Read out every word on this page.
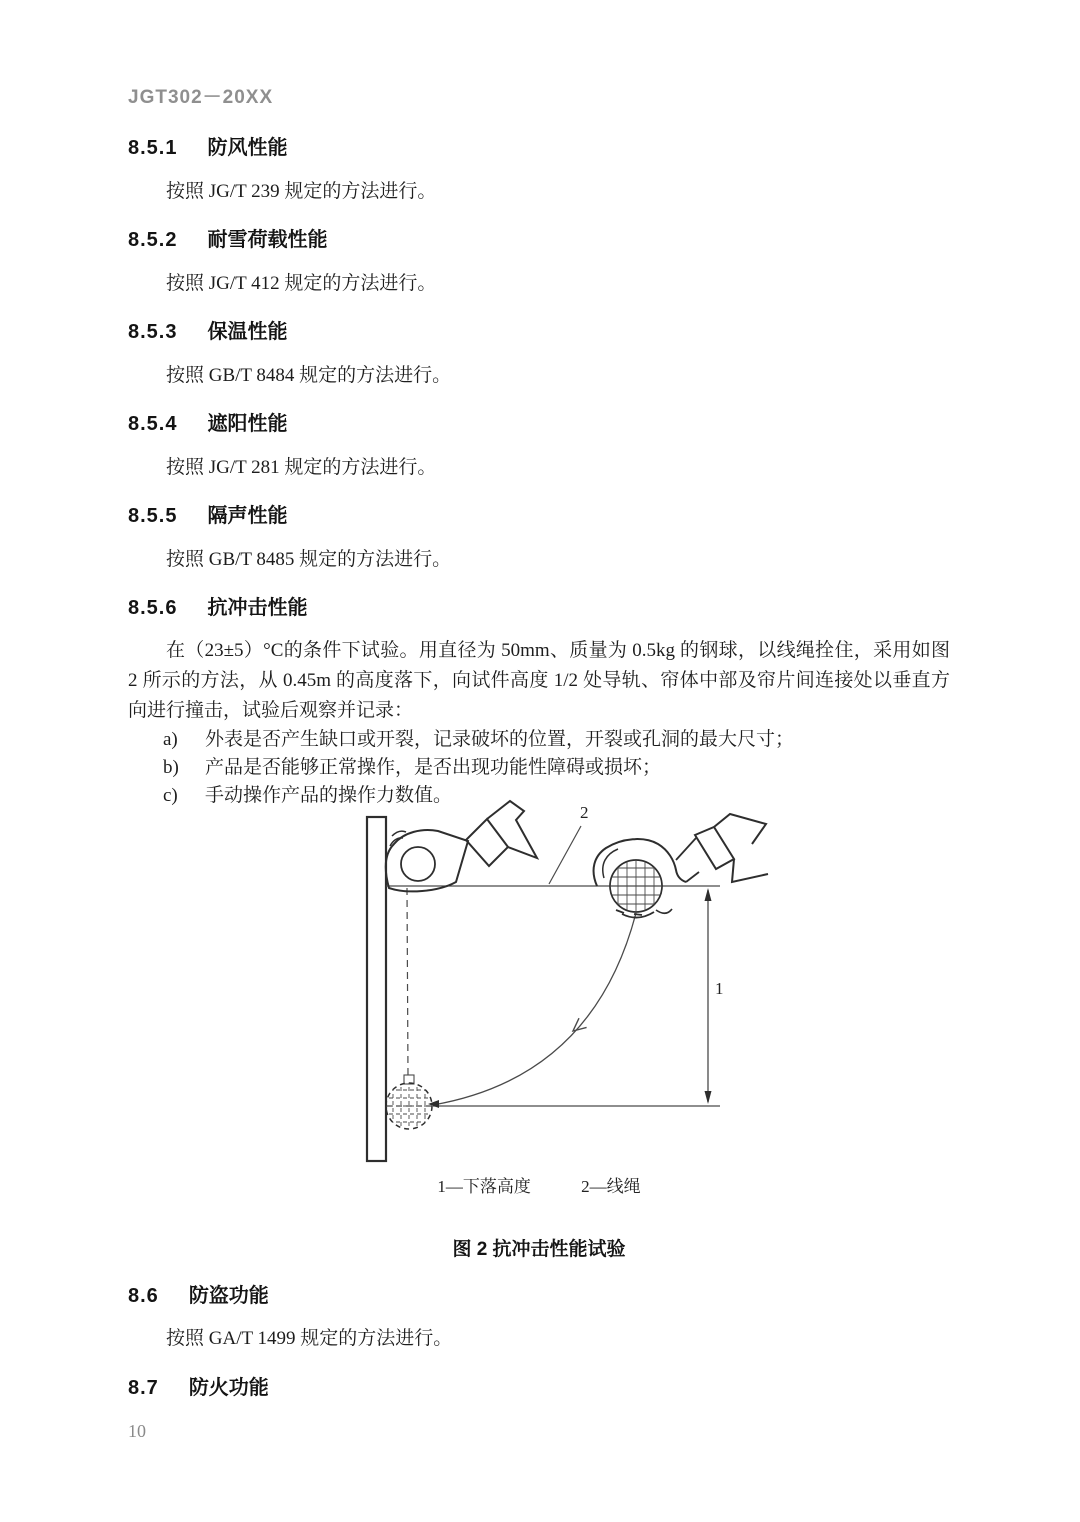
JGT302－20XX
8.5.1 防风性能

按照 JG/T 239 规定的方法进行。

8.5.2 耐雪荷载性能

按照 JG/T 412 规定的方法进行。

8.5.3 保温性能

按照 GB/T 8484 规定的方法进行。

8.5.4 遮阳性能

按照 JG/T 281 规定的方法进行。

8.5.5 隔声性能

按照 GB/T 8485 规定的方法进行。

8.5.6 抗冲击性能

在（23±5）°C的条件下试验。用直径为 50mm、质量为 0.5kg 的钢球，以线绳拴住，采用如图 2 所示的方法，从 0.45m 的高度落下，向试件高度 1/2 处导轨、帘体中部及帘片间连接处以垂直方向进行撞击，试验后观察并记录：

a) 外表是否产生缺口或开裂，记录破坏的位置，开裂或孔洞的最大尺寸；
b) 产品是否能够正常操作，是否出现功能性障碍或损坏；
c) 手动操作产品的操作力数值。
1
2
1—下落高度	2—线绳
图 2 抗冲击性能试验
8.6 防盗功能

按照 GA/T 1499 规定的方法进行。

8.7 防火功能
10
